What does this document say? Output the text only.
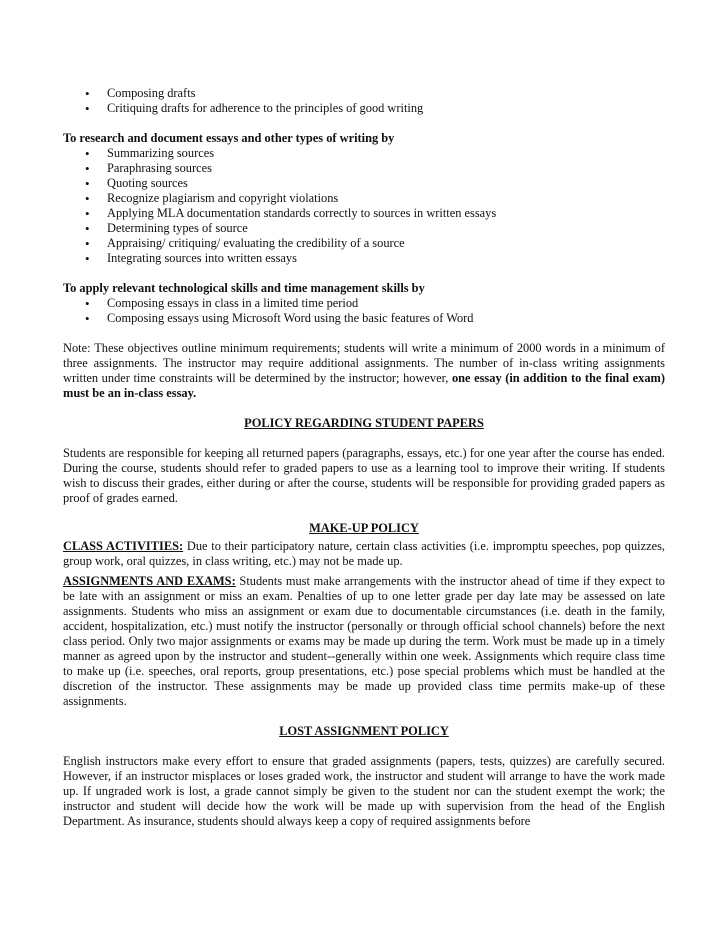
• Composing drafts
• Critiquing drafts for adherence to the principles of good writing

To research and document essays and other types of writing by

• Summarizing sources
• Paraphrasing sources
• Quoting sources
• Recognize plagiarism and copyright violations
• Applying MLA documentation standards correctly to sources in written essays
• Determining types of source
• Appraising/ critiquing/ evaluating the credibility of a source
• Integrating sources into written essays

To apply relevant technological skills and time management skills by

• Composing essays in class in a limited time period
• Composing essays using Microsoft Word using the basic features of Word

Note: These objectives outline minimum requirements; students will write a minimum of 2000 words in a minimum of three assignments. The instructor may require additional assignments. The number of in-class writing assignments written under time constraints will be determined by the instructor; however, one essay (in addition to the final exam) must be an in-class essay.

POLICY REGARDING STUDENT PAPERS

Students are responsible for keeping all returned papers (paragraphs, essays, etc.) for one year after the course has ended. During the course, students should refer to graded papers to use as a learning tool to improve their writing. If students wish to discuss their grades, either during or after the course, students will be responsible for providing graded papers as proof of grades earned.

MAKE-UP POLICY

CLASS ACTIVITIES: Due to their participatory nature, certain class activities (i.e. impromptu speeches, pop quizzes, group work, oral quizzes, in class writing, etc.) may not be made up.

ASSIGNMENTS AND EXAMS: Students must make arrangements with the instructor ahead of time if they expect to be late with an assignment or miss an exam. Penalties of up to one letter grade per day late may be assessed on late assignments. Students who miss an assignment or exam due to documentable circumstances (i.e. death in the family, accident, hospitalization, etc.) must notify the instructor (personally or through official school channels) before the next class period. Only two major assignments or exams may be made up during the term. Work must be made up in a timely manner as agreed upon by the instructor and student--generally within one week. Assignments which require class time to make up (i.e. speeches, oral reports, group presentations, etc.) pose special problems which must be handled at the discretion of the instructor. These assignments may be made up provided class time permits make-up of these assignments.

LOST ASSIGNMENT POLICY

English instructors make every effort to ensure that graded assignments (papers, tests, quizzes) are carefully secured. However, if an instructor misplaces or loses graded work, the instructor and student will arrange to have the work made up. If ungraded work is lost, a grade cannot simply be given to the student nor can the student exempt the work; the instructor and student will decide how the work will be made up with supervision from the head of the English Department. As insurance, students should always keep a copy of required assignments before
